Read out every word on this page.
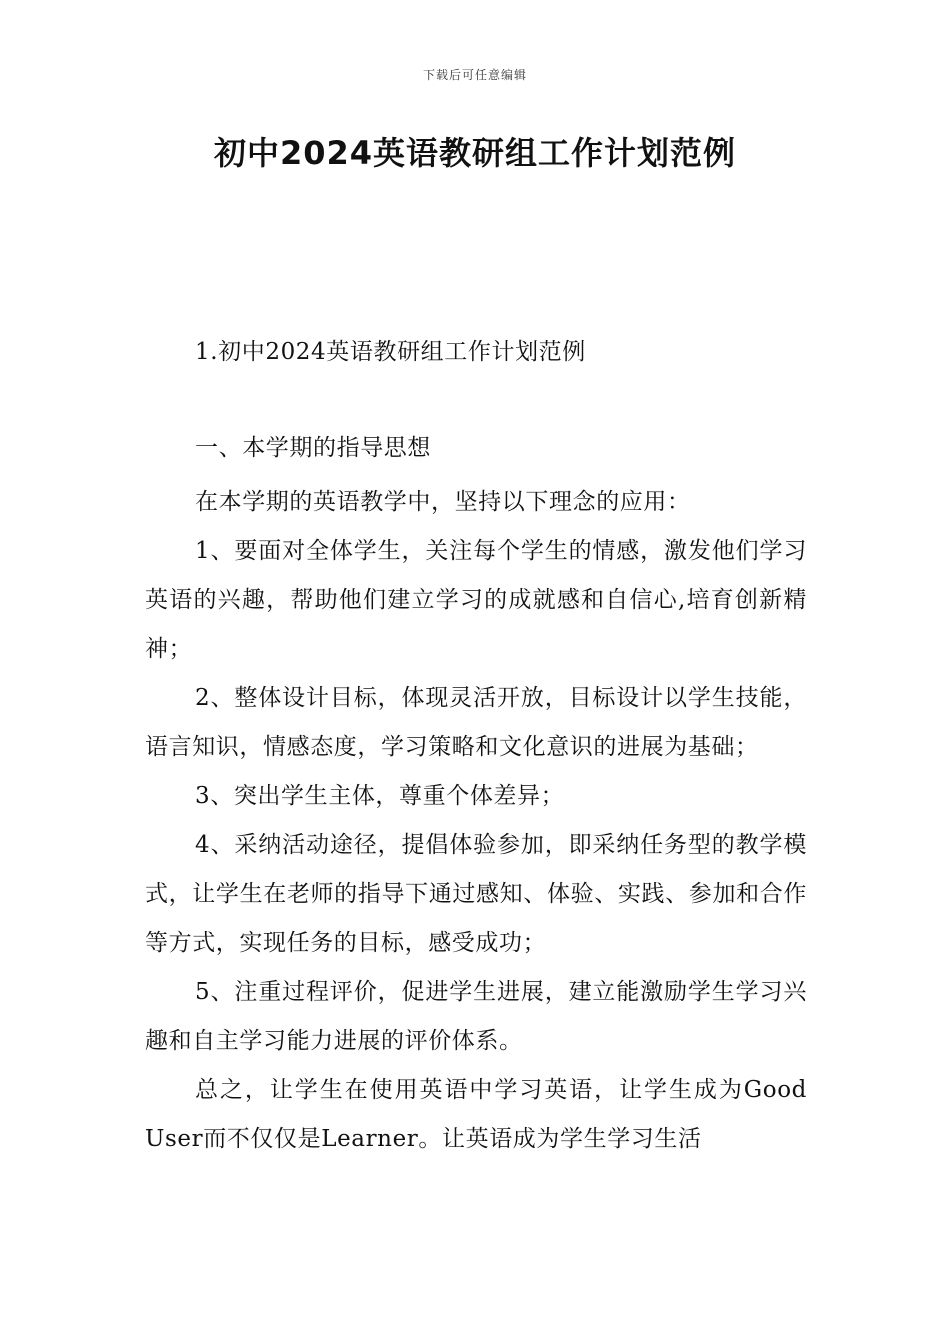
下载后可任意编辑
初中2024英语教研组工作计划范例
1.初中2024英语教研组工作计划范例
一、本学期的指导思想

在本学期的英语教学中，坚持以下理念的应用：

1、要面对全体学生，关注每个学生的情感，激发他们学习英语的兴趣，帮助他们建立学习的成就感和自信心,培育创新精神；

2、整体设计目标，体现灵活开放，目标设计以学生技能，语言知识，情感态度，学习策略和文化意识的进展为基础；

3、突出学生主体，尊重个体差异；

4、采纳活动途径，提倡体验参加，即采纳任务型的教学模式，让学生在老师的指导下通过感知、体验、实践、参加和合作等方式，实现任务的目标，感受成功；

5、注重过程评价，促进学生进展，建立能激励学生学习兴趣和自主学习能力进展的评价体系。

总之，让学生在使用英语中学习英语，让学生成为Good User而不仅仅是Learner。让英语成为学生学习生活
